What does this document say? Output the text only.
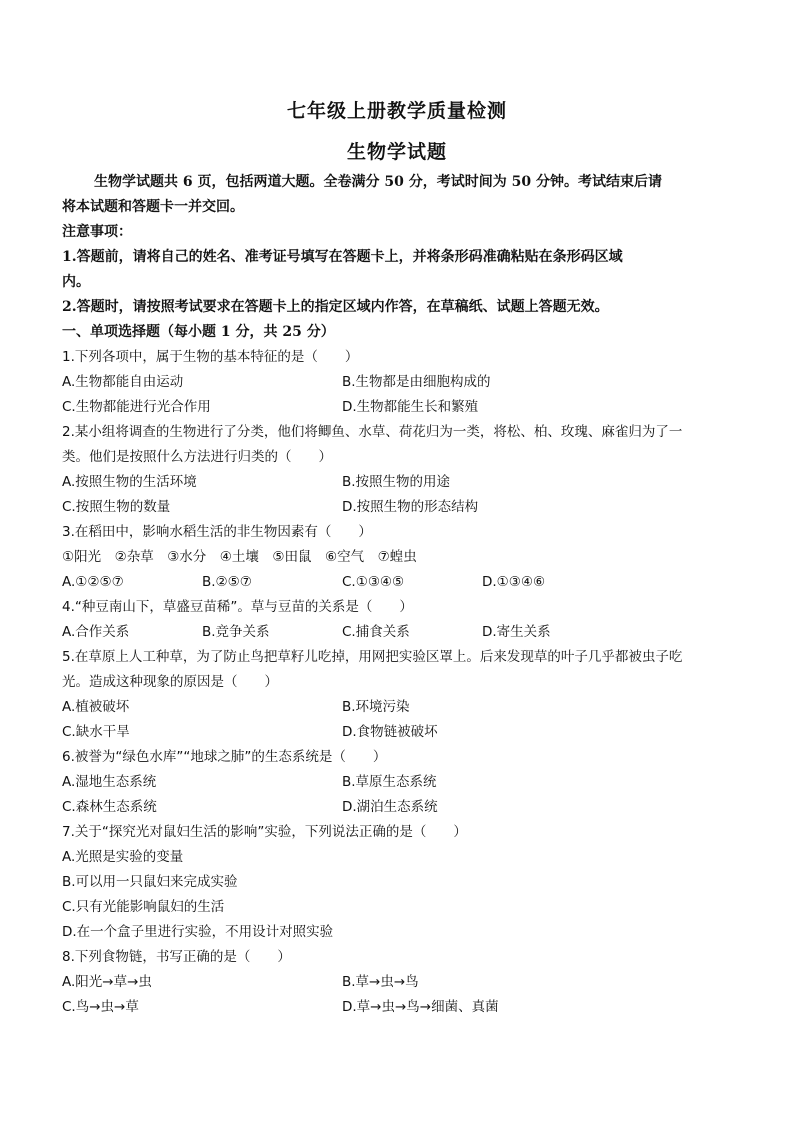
七年级上册教学质量检测
生物学试题
生物学试题共 6 页，包括两道大题。全卷满分 50 分，考试时间为 50 分钟。考试结束后请
将本试题和答题卡一并交回。
注意事项：
1.答题前，请将自己的姓名、准考证号填写在答题卡上，并将条形码准确粘贴在条形码区域
内。
2.答题时，请按照考试要求在答题卡上的指定区域内作答，在草稿纸、试题上答题无效。
一、单项选择题（每小题 1 分，共 25 分）
1.下列各项中，属于生物的基本特征的是（　　）
A.生物都能自由运动	B.生物都是由细胞构成的
C.生物都能进行光合作用	D.生物都能生长和繁殖
2.某小组将调查的生物进行了分类，他们将鲫鱼、水草、荷花归为一类，将松、柏、玫瑰、麻雀归为了一
类。他们是按照什么方法进行归类的（　　）
A.按照生物的生活环境	B.按照生物的用途
C.按照生物的数量	D.按照生物的形态结构
3.在稻田中，影响水稻生活的非生物因素有（　　）
①阳光　②杂草　③水分　④土壤　⑤田鼠　⑥空气　⑦蝗虫
A.①②⑤⑦	B.②⑤⑦	C.①③④⑤	D.①③④⑥
4.“种豆南山下，草盛豆苗稀”。草与豆苗的关系是（　　）
A.合作关系	B.竞争关系	C.捕食关系	D.寄生关系
5.在草原上人工种草，为了防止鸟把草籽儿吃掉，用网把实验区罩上。后来发现草的叶子几乎都被虫子吃
光。造成这种现象的原因是（　　）
A.植被破坏	B.环境污染
C.缺水干旱	D.食物链被破坏
6.被誉为“绿色水库”“地球之肺”的生态系统是（　　）
A.湿地生态系统	B.草原生态系统
C.森林生态系统	D.湖泊生态系统
7.关于“探究光对鼠妇生活的影响”实验，下列说法正确的是（　　）
A.光照是实验的变量
B.可以用一只鼠妇来完成实验
C.只有光能影响鼠妇的生活
D.在一个盒子里进行实验，不用设计对照实验
8.下列食物链，书写正确的是（　　）
A.阳光→草→虫	B.草→虫→鸟
C.鸟→虫→草	D.草→虫→鸟→细菌、真菌
